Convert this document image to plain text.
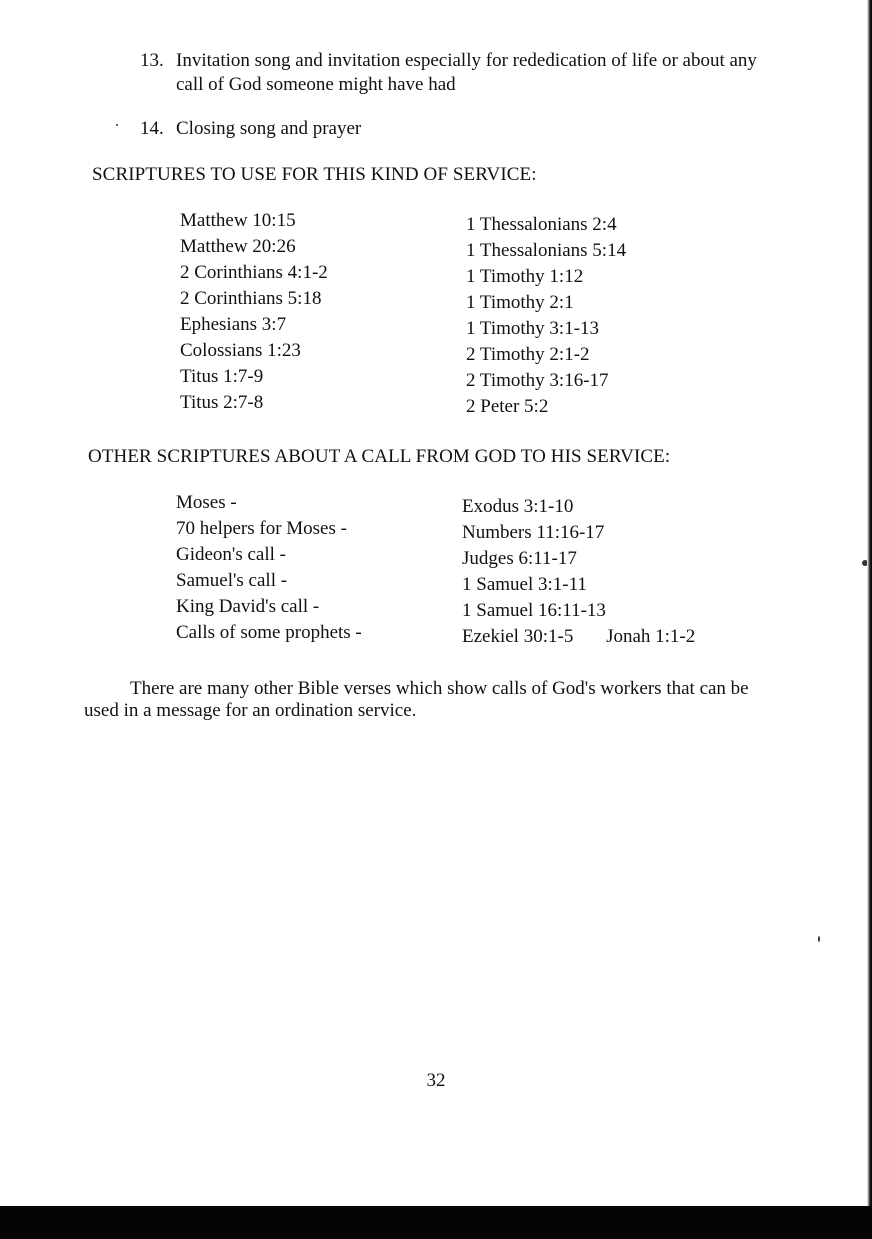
13. Invitation song and invitation especially for rededication of life or about any
call of God someone might have had
14. Closing song and prayer
SCRIPTURES TO USE FOR THIS KIND OF SERVICE:
Matthew 10:15
Matthew 20:26
2 Corinthians 4:1-2
2 Corinthians 5:18
Ephesians 3:7
Colossians 1:23
Titus 1:7-9
Titus 2:7-8
1 Thessalonians 2:4
1 Thessalonians 5:14
1 Timothy 1:12
1 Timothy 2:1
1 Timothy 3:1-13
2 Timothy 2:1-2
2 Timothy 3:16-17
2 Peter 5:2
OTHER SCRIPTURES ABOUT A CALL FROM GOD TO HIS SERVICE:
Moses -
70 helpers for Moses -
Gideon's call -
Samuel's call -
King David's call -
Calls of some prophets -
Exodus 3:1-10
Numbers 11:16-17
Judges 6:11-17
1 Samuel 3:1-11
1 Samuel 16:11-13
Ezekiel 30:1-5 Jonah 1:1-2
There are many other Bible verses which show calls of God's workers that can be
used in a message for an ordination service.
32
